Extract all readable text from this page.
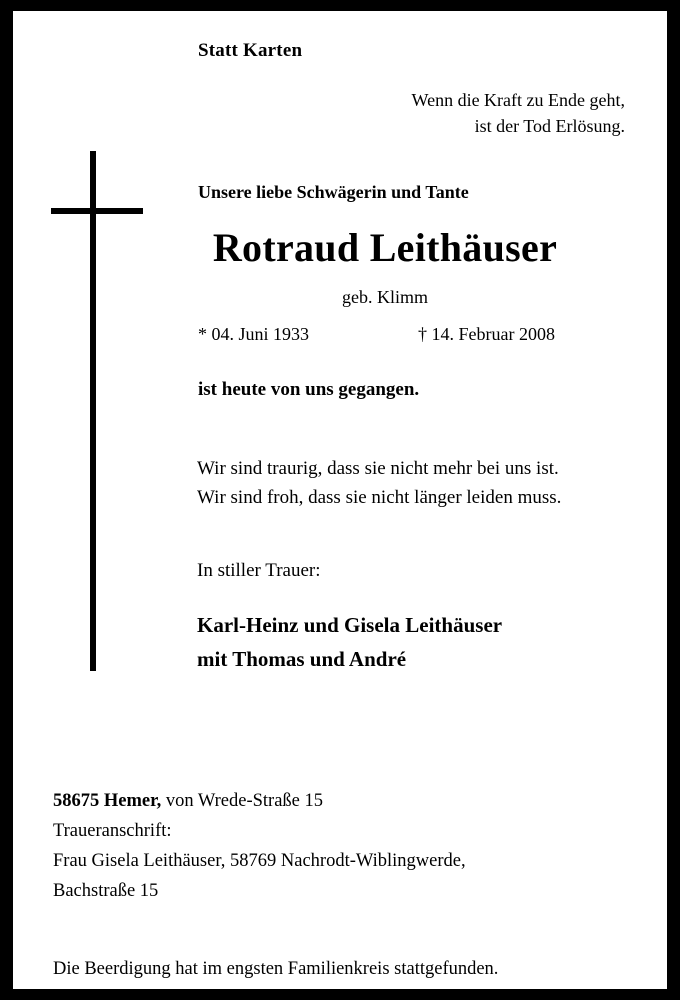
Statt Karten
Wenn die Kraft zu Ende geht,
ist der Tod Erlösung.
Unsere liebe Schwägerin und Tante
Rotraud Leithäuser
geb. Klimm
* 04. Juni 1933	† 14. Februar 2008
ist heute von uns gegangen.
Wir sind traurig, dass sie nicht mehr bei uns ist.
Wir sind froh, dass sie nicht länger leiden muss.
In stiller Trauer:
Karl-Heinz und Gisela Leithäuser
mit Thomas und André
58675 Hemer, von Wrede-Straße 15
Traueranschrift:
Frau Gisela Leithäuser, 58769 Nachrodt-Wiblingwerde,
Bachstraße 15
Die Beerdigung hat im engsten Familienkreis stattgefunden.
